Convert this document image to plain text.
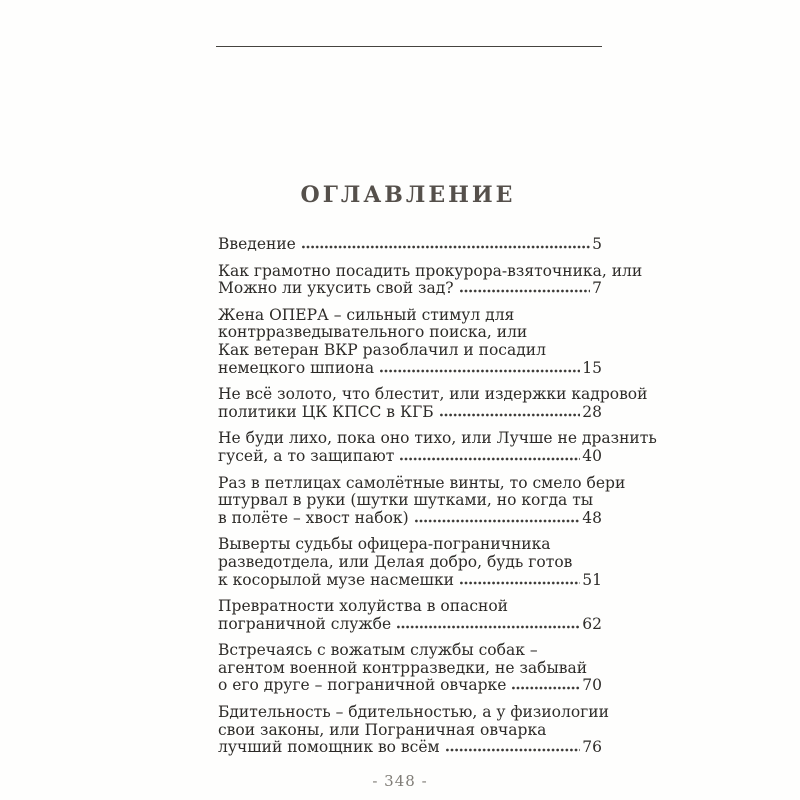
ОГЛАВЛЕНИЕ
Введение	5
Как грамотно посадить прокурора-взяточника, или
Можно ли укусить свой зад?	7
Жена ОПЕРА – сильный стимул для
контрразведывательного поиска, или
Как ветеран ВКР разоблачил и посадил
немецкого шпиона	15
Не всё золото, что блестит, или издержки кадровой
политики ЦК КПСС в КГБ	28
Не буди лихо, пока оно тихо, или Лучше не дразнить
гусей, а то защипают	40
Раз в петлицах самолётные винты, то смело бери
штурвал в руки (шутки шутками, но когда ты
в полёте – хвост набок)	48
Выверты судьбы офицера-пограничника
разведотдела, или Делая добро, будь готов
к косорылой музе насмешки	51
Превратности холуйства в опасной
пограничной службе	62
Встречаясь с вожатым службы собак –
агентом военной контрразведки, не забывай
о его друге – пограничной овчарке	70
Бдительность – бдительностью, а у физиологии
свои законы, или Пограничная овчарка
лучший помощник во всём	76
- 348 -
